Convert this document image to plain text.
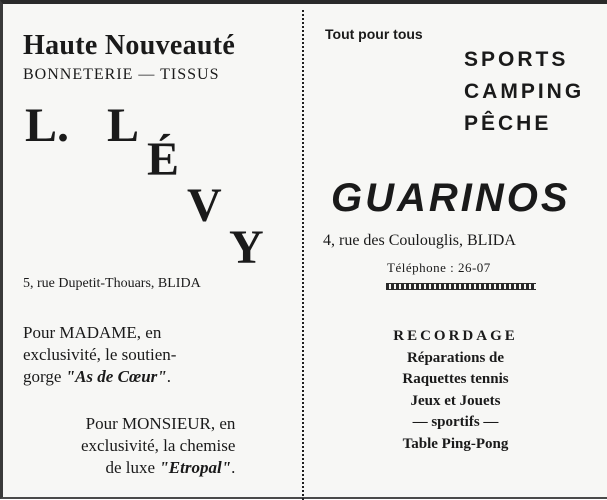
Haute Nouveauté
BONNETERIE — TISSUS
L. L
É
V
Y
5, rue Dupetit-Thouars, BLIDA
Pour MADAME, en
exclusivité, le soutien-
gorge "As de Cœur".
Pour MONSIEUR, en
exclusivité, la chemise
de luxe "Etropal".
Tout pour tous
SPORTS
CAMPING
PÊCHE
GUARINOS
4, rue des Coulouglis, BLIDA
Téléphone : 26-07
RECORDAGE
Réparations de
Raquettes tennis
Jeux et Jouets
— sportifs —
Table Ping-Pong
